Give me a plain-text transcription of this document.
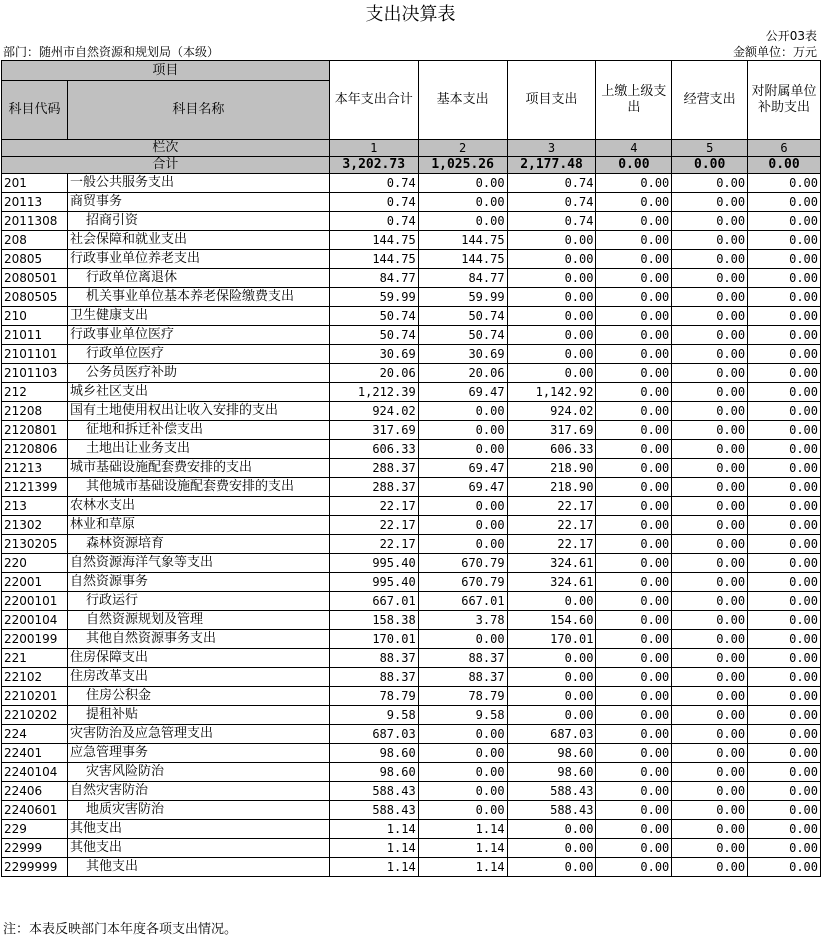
支出决算表
公开03表
部门：随州市自然资源和规划局（本级）	金额单位：万元
项目		本年支出合计	基本支出	项目支出	上缴上级支出	经营支出	对附属单位补助支出
科目代码	科目名称						
栏次		1	2	3	4	5	6
合计		3,202.73	1,025.26	2,177.48	0.00	0.00	0.00
201	一般公共服务支出	0.74	0.00	0.74	0.00	0.00	0.00
20113	商贸事务	0.74	0.00	0.74	0.00	0.00	0.00
2011308	招商引资	0.74	0.00	0.74	0.00	0.00	0.00
208	社会保障和就业支出	144.75	144.75	0.00	0.00	0.00	0.00
20805	行政事业单位养老支出	144.75	144.75	0.00	0.00	0.00	0.00
2080501	行政单位离退休	84.77	84.77	0.00	0.00	0.00	0.00
2080505	机关事业单位基本养老保险缴费支出	59.99	59.99	0.00	0.00	0.00	0.00
210	卫生健康支出	50.74	50.74	0.00	0.00	0.00	0.00
21011	行政事业单位医疗	50.74	50.74	0.00	0.00	0.00	0.00
2101101	行政单位医疗	30.69	30.69	0.00	0.00	0.00	0.00
2101103	公务员医疗补助	20.06	20.06	0.00	0.00	0.00	0.00
212	城乡社区支出	1,212.39	69.47	1,142.92	0.00	0.00	0.00
21208	国有土地使用权出让收入安排的支出	924.02	0.00	924.02	0.00	0.00	0.00
2120801	征地和拆迁补偿支出	317.69	0.00	317.69	0.00	0.00	0.00
2120806	土地出让业务支出	606.33	0.00	606.33	0.00	0.00	0.00
21213	城市基础设施配套费安排的支出	288.37	69.47	218.90	0.00	0.00	0.00
2121399	其他城市基础设施配套费安排的支出	288.37	69.47	218.90	0.00	0.00	0.00
213	农林水支出	22.17	0.00	22.17	0.00	0.00	0.00
21302	林业和草原	22.17	0.00	22.17	0.00	0.00	0.00
2130205	森林资源培育	22.17	0.00	22.17	0.00	0.00	0.00
220	自然资源海洋气象等支出	995.40	670.79	324.61	0.00	0.00	0.00
22001	自然资源事务	995.40	670.79	324.61	0.00	0.00	0.00
2200101	行政运行	667.01	667.01	0.00	0.00	0.00	0.00
2200104	自然资源规划及管理	158.38	3.78	154.60	0.00	0.00	0.00
2200199	其他自然资源事务支出	170.01	0.00	170.01	0.00	0.00	0.00
221	住房保障支出	88.37	88.37	0.00	0.00	0.00	0.00
22102	住房改革支出	88.37	88.37	0.00	0.00	0.00	0.00
2210201	住房公积金	78.79	78.79	0.00	0.00	0.00	0.00
2210202	提租补贴	9.58	9.58	0.00	0.00	0.00	0.00
224	灾害防治及应急管理支出	687.03	0.00	687.03	0.00	0.00	0.00
22401	应急管理事务	98.60	0.00	98.60	0.00	0.00	0.00
2240104	灾害风险防治	98.60	0.00	98.60	0.00	0.00	0.00
22406	自然灾害防治	588.43	0.00	588.43	0.00	0.00	0.00
2240601	地质灾害防治	588.43	0.00	588.43	0.00	0.00	0.00
229	其他支出	1.14	1.14	0.00	0.00	0.00	0.00
22999	其他支出	1.14	1.14	0.00	0.00	0.00	0.00
2299999	其他支出	1.14	1.14	0.00	0.00	0.00	0.00
注：本表反映部门本年度各项支出情况。
